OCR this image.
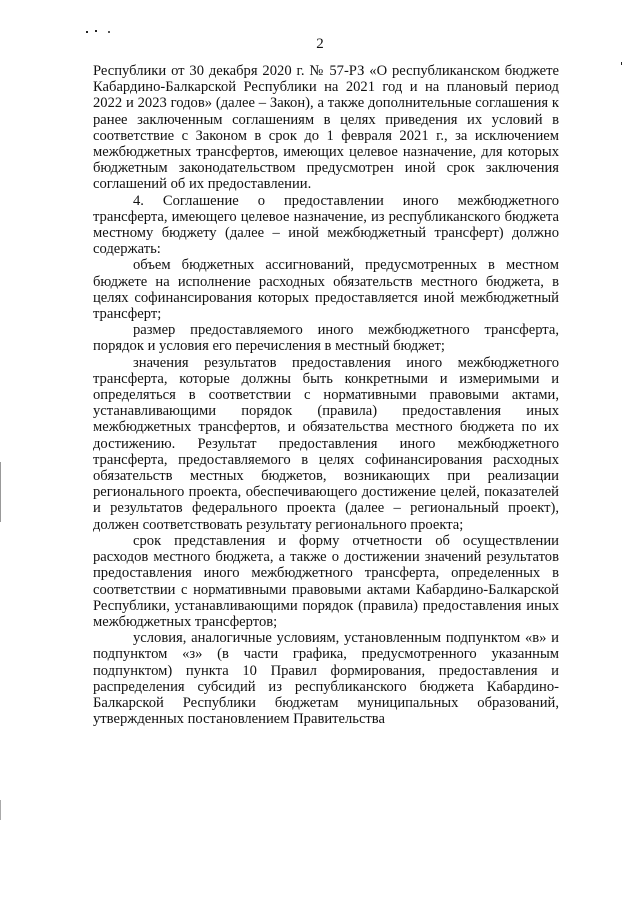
2

Республики от 30 декабря 2020 г. № 57-РЗ «О республиканском бюджете Кабардино-Балкарской Республики на 2021 год и на плановый период 2022 и 2023 годов» (далее – Закон), а также дополнительные соглашения к ранее заключенным соглашениям в целях приведения их условий в соответствие с Законом в срок до 1 февраля 2021 г., за исключением межбюджетных трансфертов, имеющих целевое назначение, для которых бюджетным законодательством предусмотрен иной срок заключения соглашений об их предоставлении.

4. Соглашение о предоставлении иного межбюджетного трансферта, имеющего целевое назначение, из республиканского бюджета местному бюджету (далее – иной межбюджетный трансферт) должно содержать:

объем бюджетных ассигнований, предусмотренных в местном бюджете на исполнение расходных обязательств местного бюджета, в целях софинансирования которых предоставляется иной межбюджетный трансферт;

размер предоставляемого иного межбюджетного трансферта, порядок и условия его перечисления в местный бюджет;

значения результатов предоставления иного межбюджетного трансферта, которые должны быть конкретными и измеримыми и определяться в соответствии с нормативными правовыми актами, устанавливающими порядок (правила) предоставления иных межбюджетных трансфертов, и обязательства местного бюджета по их достижению. Результат предоставления иного межбюджетного трансферта, предоставляемого в целях софинансирования расходных обязательств местных бюджетов, возникающих при реализации регионального проекта, обеспечивающего достижение целей, показателей и результатов федерального проекта (далее – региональный проект), должен соответствовать результату регионального проекта;

срок представления и форму отчетности об осуществлении расходов местного бюджета, а также о достижении значений результатов предоставления иного межбюджетного трансферта, определенных в соответствии с нормативными правовыми актами Кабардино-Балкарской Республики, устанавливающими порядок (правила) предоставления иных межбюджетных трансфертов;

условия, аналогичные условиям, установленным подпунктом «в» и подпунктом «з» (в части графика, предусмотренного указанным подпунктом) пункта 10 Правил формирования, предоставления и распределения субсидий из республиканского бюджета Кабардино-Балкарской Республики бюджетам муниципальных образований, утвержденных постановлением Правительства
